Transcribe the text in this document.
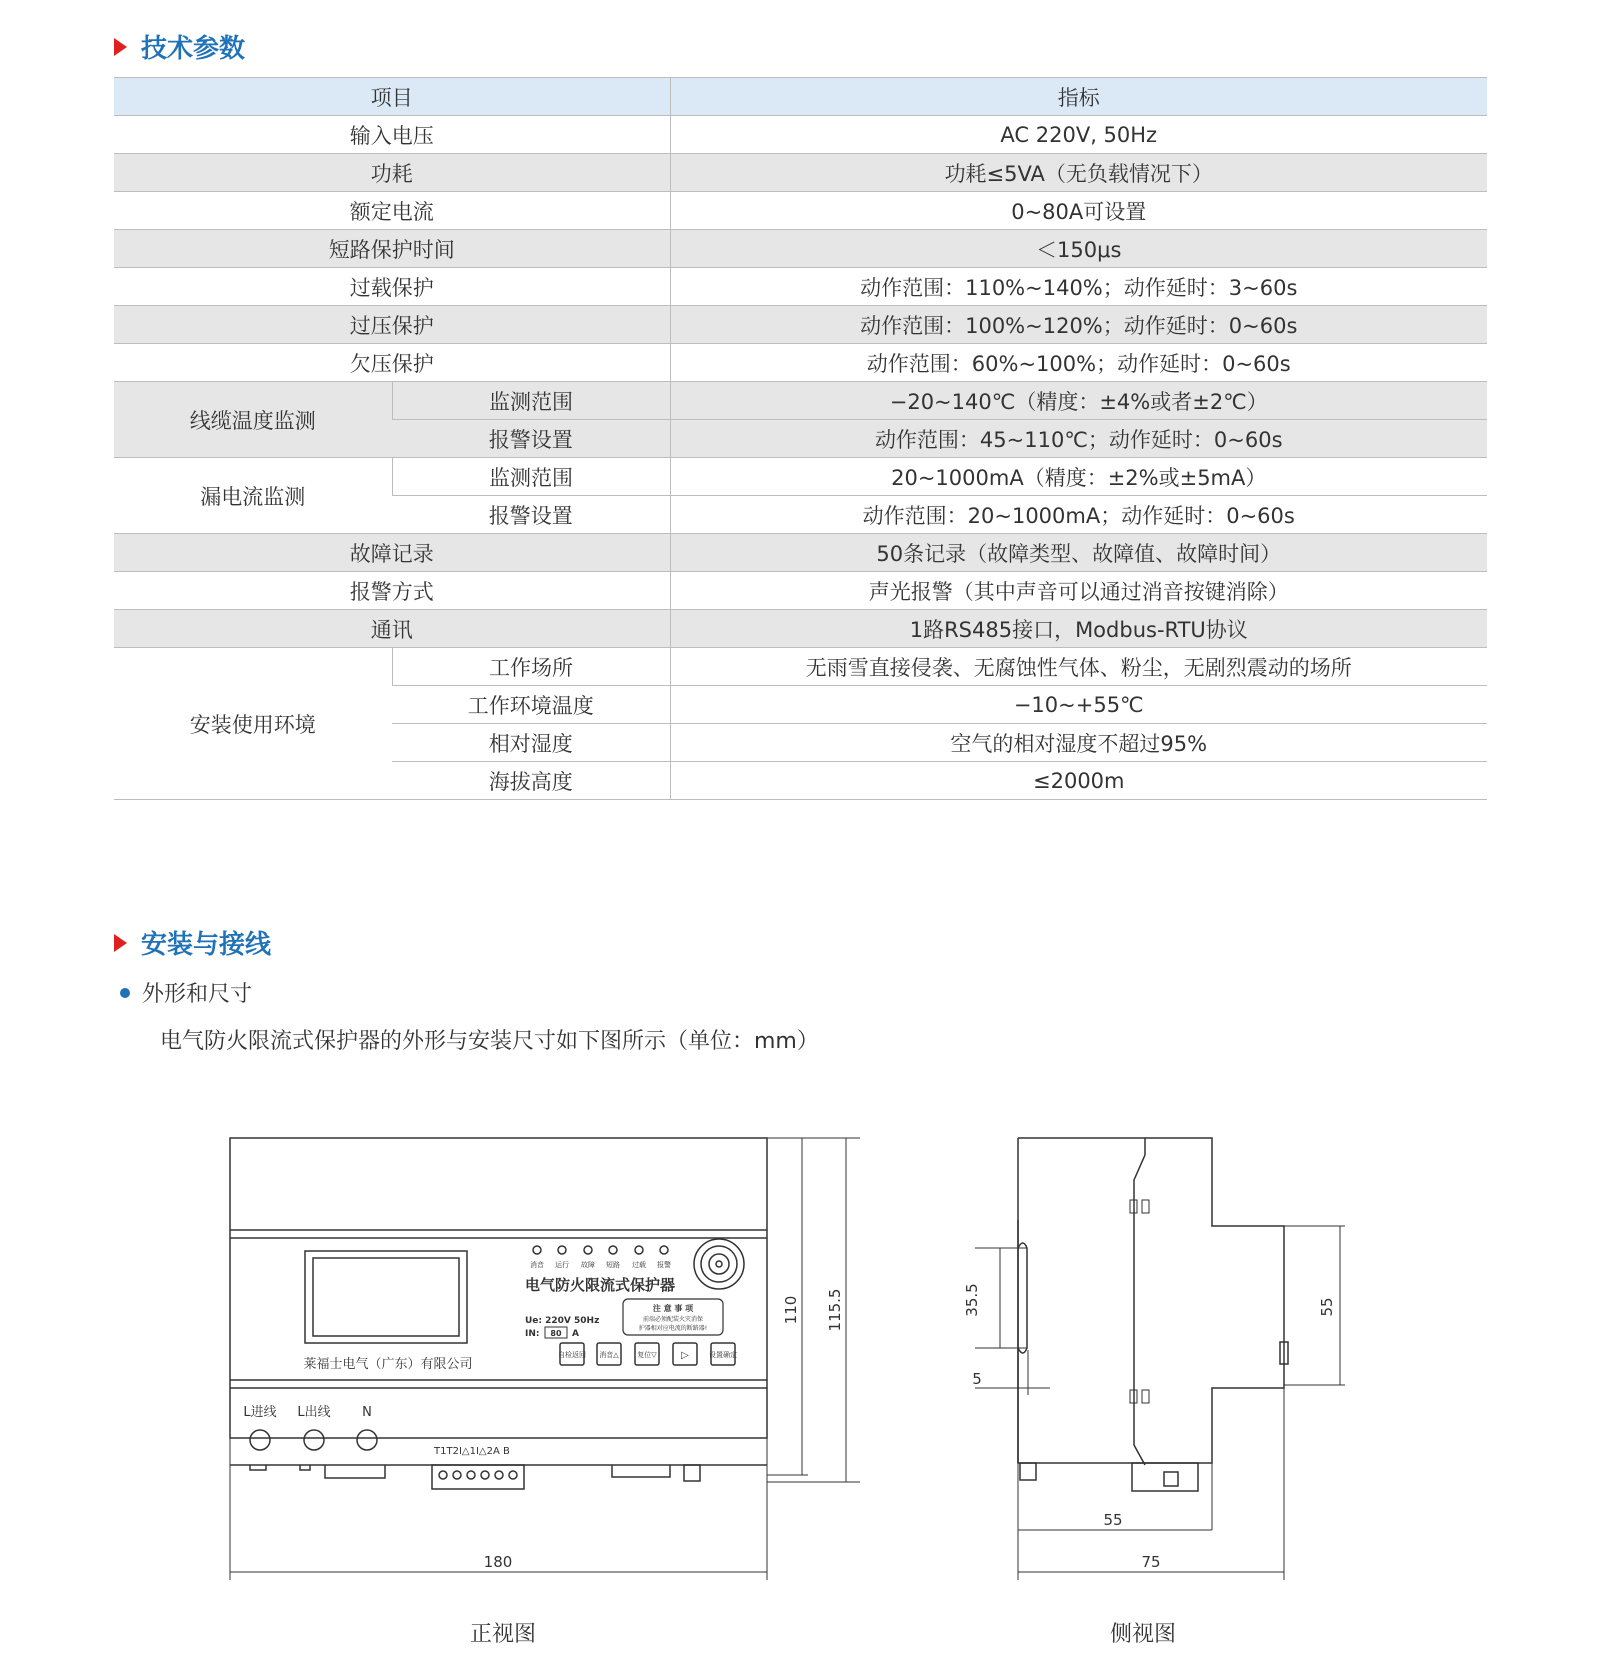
技术参数
项目		指标
输入电压		AC 220V, 50Hz
功耗		功耗≤5VA（无负载情况下）
额定电流		0~80A可设置
短路保护时间		＜150μs
过载保护		动作范围：110%~140%；动作延时：3~60s
过压保护		动作范围：100%~120%；动作延时：0~60s
欠压保护		动作范围：60%~100%；动作延时：0~60s
线缆温度监测	监测范围	−20~140℃（精度：±4%或者±2℃）
	报警设置	动作范围：45~110℃；动作延时：0~60s
漏电流监测	监测范围	20~1000mA（精度：±2%或±5mA）
	报警设置	动作范围：20~1000mA；动作延时：0~60s
故障记录		50条记录（故障类型、故障值、故障时间）
报警方式		声光报警（其中声音可以通过消音按键消除）
通讯		1路RS485接口，Modbus-RTU协议
安装使用环境	工作场所	无雨雪直接侵袭、无腐蚀性气体、粉尘，无剧烈震动的场所
	工作环境温度	−10~+55℃
	相对湿度	空气的相对湿度不超过95%
	海拔高度	≤2000m
安装与接线
外形和尺寸
电气防火限流式保护器的外形与安装尺寸如下图所示（单位：mm）
消音 运行 故障 短路 过载 报警
电气防火限流式保护器
Ue: 220V 50Hz
IN: 80 A
注 意 事 项
前端必须配装火灾消保
护器相对应电流的断路器!
自检返回 消音△	复位▽ ▷	设置确定
莱福士电气（广东）有限公司
L进线 L出线 N
T1T2I△1I△2A B
180
110 115.5	35.5
5
55
55
75
正视图	侧视图
